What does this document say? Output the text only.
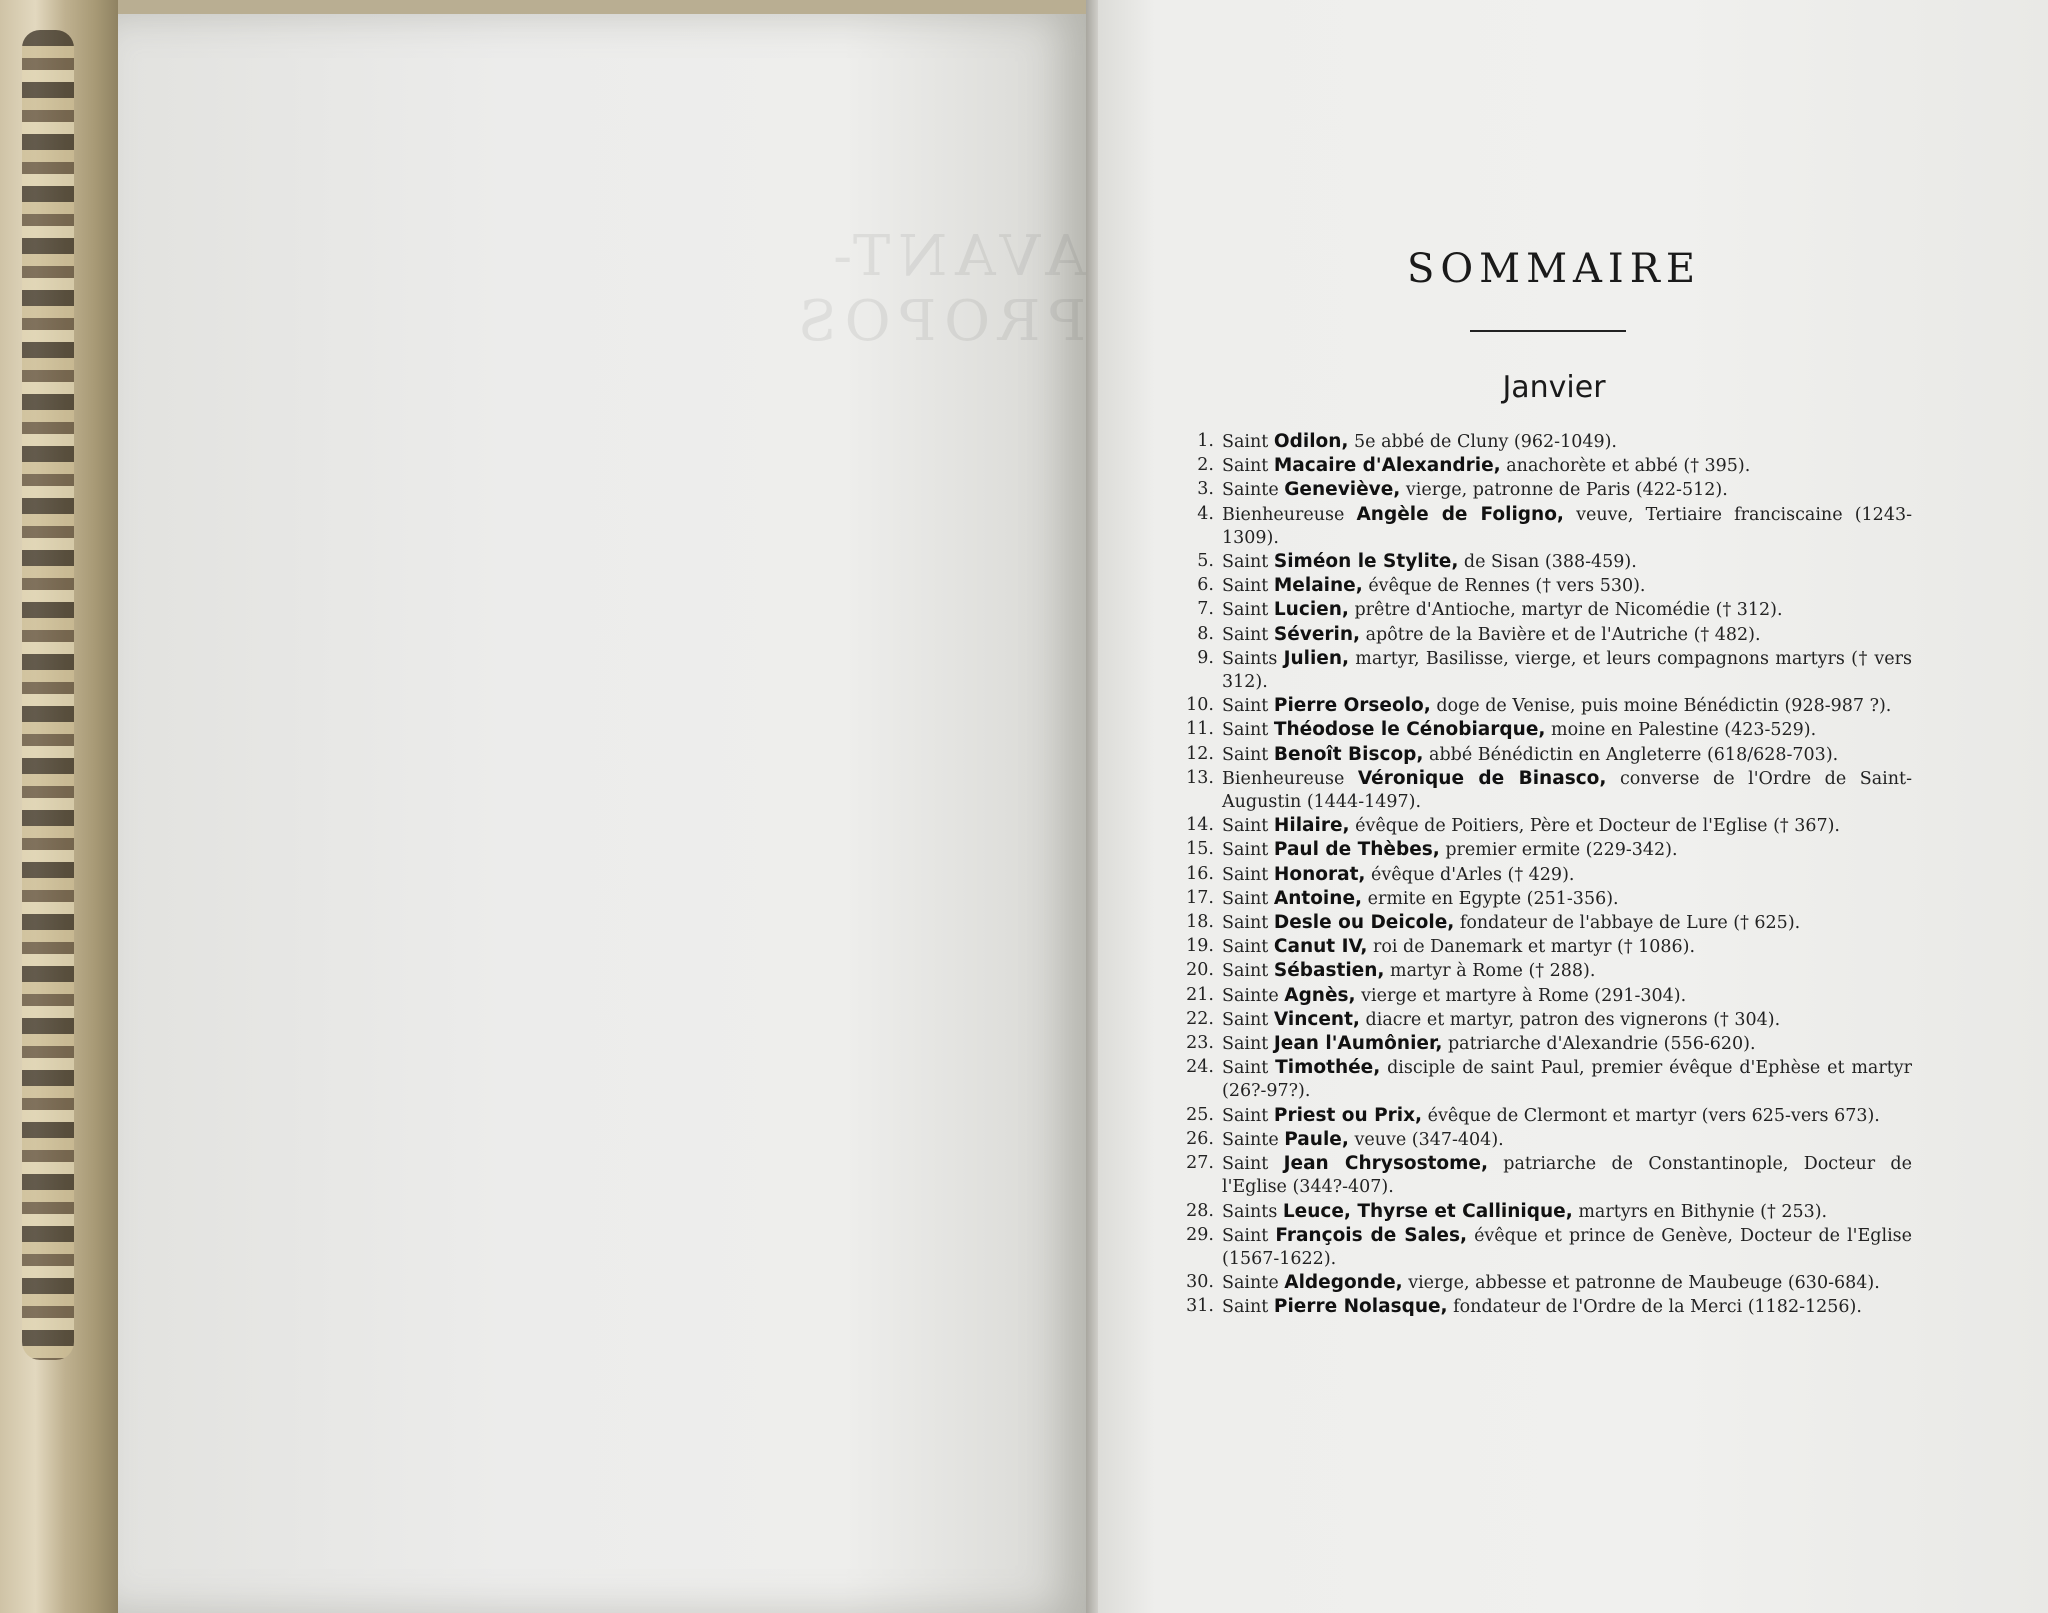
AVANT-PROPOS
SOMMAIRE
Janvier
1. Saint Odilon, 5e abbé de Cluny (962-1049).
2. Saint Macaire d'Alexandrie, anachorète et abbé († 395).
3. Sainte Geneviève, vierge, patronne de Paris (422-512).
4. Bienheureuse Angèle de Foligno, veuve, Tertiaire franciscaine (1243-1309).
5. Saint Siméon le Stylite, de Sisan (388-459).
6. Saint Melaine, évêque de Rennes († vers 530).
7. Saint Lucien, prêtre d'Antioche, martyr de Nicomédie († 312).
8. Saint Séverin, apôtre de la Bavière et de l'Autriche († 482).
9. Saints Julien, martyr, Basilisse, vierge, et leurs compagnons martyrs († vers 312).
10. Saint Pierre Orseolo, doge de Venise, puis moine Bénédictin (928-987 ?).
11. Saint Théodose le Cénobiarque, moine en Palestine (423-529).
12. Saint Benoît Biscop, abbé Bénédictin en Angleterre (618/628-703).
13. Bienheureuse Véronique de Binasco, converse de l'Ordre de Saint-Augustin (1444-1497).
14. Saint Hilaire, évêque de Poitiers, Père et Docteur de l'Eglise († 367).
15. Saint Paul de Thèbes, premier ermite (229-342).
16. Saint Honorat, évêque d'Arles († 429).
17. Saint Antoine, ermite en Egypte (251-356).
18. Saint Desle ou Deicole, fondateur de l'abbaye de Lure († 625).
19. Saint Canut IV, roi de Danemark et martyr († 1086).
20. Saint Sébastien, martyr à Rome († 288).
21. Sainte Agnès, vierge et martyre à Rome (291-304).
22. Saint Vincent, diacre et martyr, patron des vignerons († 304).
23. Saint Jean l'Aumônier, patriarche d'Alexandrie (556-620).
24. Saint Timothée, disciple de saint Paul, premier évêque d'Ephèse et martyr (26?-97?).
25. Saint Priest ou Prix, évêque de Clermont et martyr (vers 625-vers 673).
26. Sainte Paule, veuve (347-404).
27. Saint Jean Chrysostome, patriarche de Constantinople, Docteur de l'Eglise (344?-407).
28. Saints Leuce, Thyrse et Callinique, martyrs en Bithynie († 253).
29. Saint François de Sales, évêque et prince de Genève, Docteur de l'Eglise (1567-1622).
30. Sainte Aldegonde, vierge, abbesse et patronne de Maubeuge (630-684).
31. Saint Pierre Nolasque, fondateur de l'Ordre de la Merci (1182-1256).
